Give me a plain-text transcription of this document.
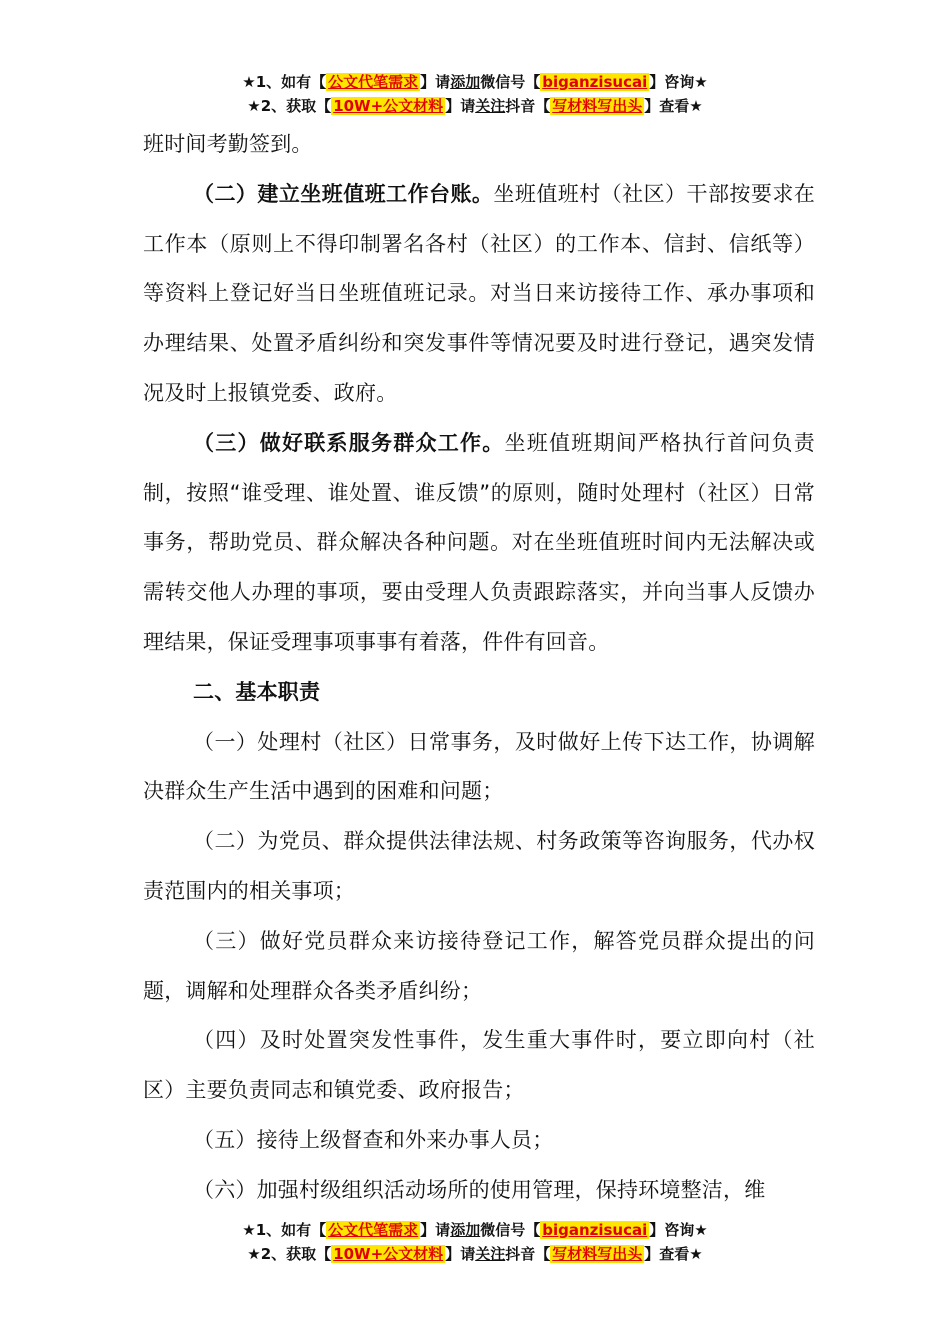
★1、如有【 公文代笔需求 】请添加微信号【 biganzisucai 】咨询★
★2、获取【 10W+公文材料 】请关注抖音【 写材料写出头 】查看★

班时间考勤签到。

（二）建立坐班值班工作台账。坐班值班村（社区）干部按要求在工作本（原则上不得印制署名各村（社区）的工作本、信封、信纸等）等资料上登记好当日坐班值班记录。对当日来访接待工作、承办事项和办理结果、处置矛盾纠纷和突发事件等情况要及时进行登记，遇突发情况及时上报镇党委、政府。

（三）做好联系服务群众工作。坐班值班期间严格执行首问负责制，按照“谁受理、谁处置、谁反馈”的原则，随时处理村（社区）日常事务，帮助党员、群众解决各种问题。对在坐班值班时间内无法解决或需转交他人办理的事项，要由受理人负责跟踪落实，并向当事人反馈办理结果，保证受理事项事事有着落，件件有回音。

二、基本职责

（一）处理村（社区）日常事务，及时做好上传下达工作，协调解决群众生产生活中遇到的困难和问题；

（二）为党员、群众提供法律法规、村务政策等咨询服务，代办权责范围内的相关事项；

（三）做好党员群众来访接待登记工作，解答党员群众提出的问题，调解和处理群众各类矛盾纠纷；

（四）及时处置突发性事件，发生重大事件时，要立即向村（社区）主要负责同志和镇党委、政府报告；

（五）接待上级督查和外来办事人员；

（六）加强村级组织活动场所的使用管理，保持环境整洁，维

★1、如有【 公文代笔需求 】请添加微信号【 biganzisucai 】咨询★
★2、获取【 10W+公文材料 】请关注抖音【 写材料写出头 】查看★
